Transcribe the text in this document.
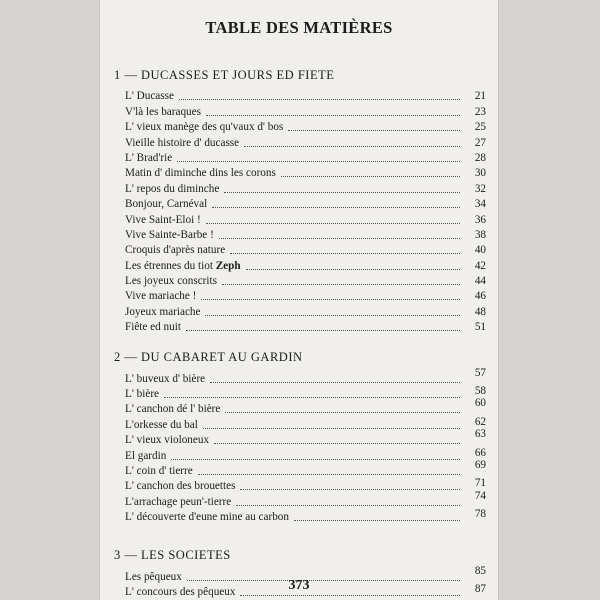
TABLE DES MATIÈRES
1 — DUCASSES ET JOURS ED FIETE
L' Ducasse	21
V'là les baraques	23
L' vieux manège des qu'vaux d' bos	25
Vieille histoire d' ducasse	27
L' Brad'rie	28
Matin d' diminche dins les corons	30
L' repos du diminche	32
Bonjour, Carnéval	34
Vive Saint-Eloi !	36
Vive Sainte-Barbe !	38
Croquis d'après nature	40
Les étrennes du tiot Zeph	42
Les joyeux conscrits	44
Vive mariache !	46
Joyeux mariache	48
Fiête ed nuit	51
2 — DU CABARET AU GARDIN
L' buveux d' bière	57
L' bière	58
L' canchon dé l' bière	60
L'orkesse du bal	62
L' vieux violoneux	63
El gardin	66
L' coin d' tierre	69
L' canchon des brouettes	71
L'arrachage peun'-tierre	74
L' découverte d'eune mine au carbon	78
3 — LES SOCIETES
Les pêqueux	85
L' concours des pêqueux	87
373
